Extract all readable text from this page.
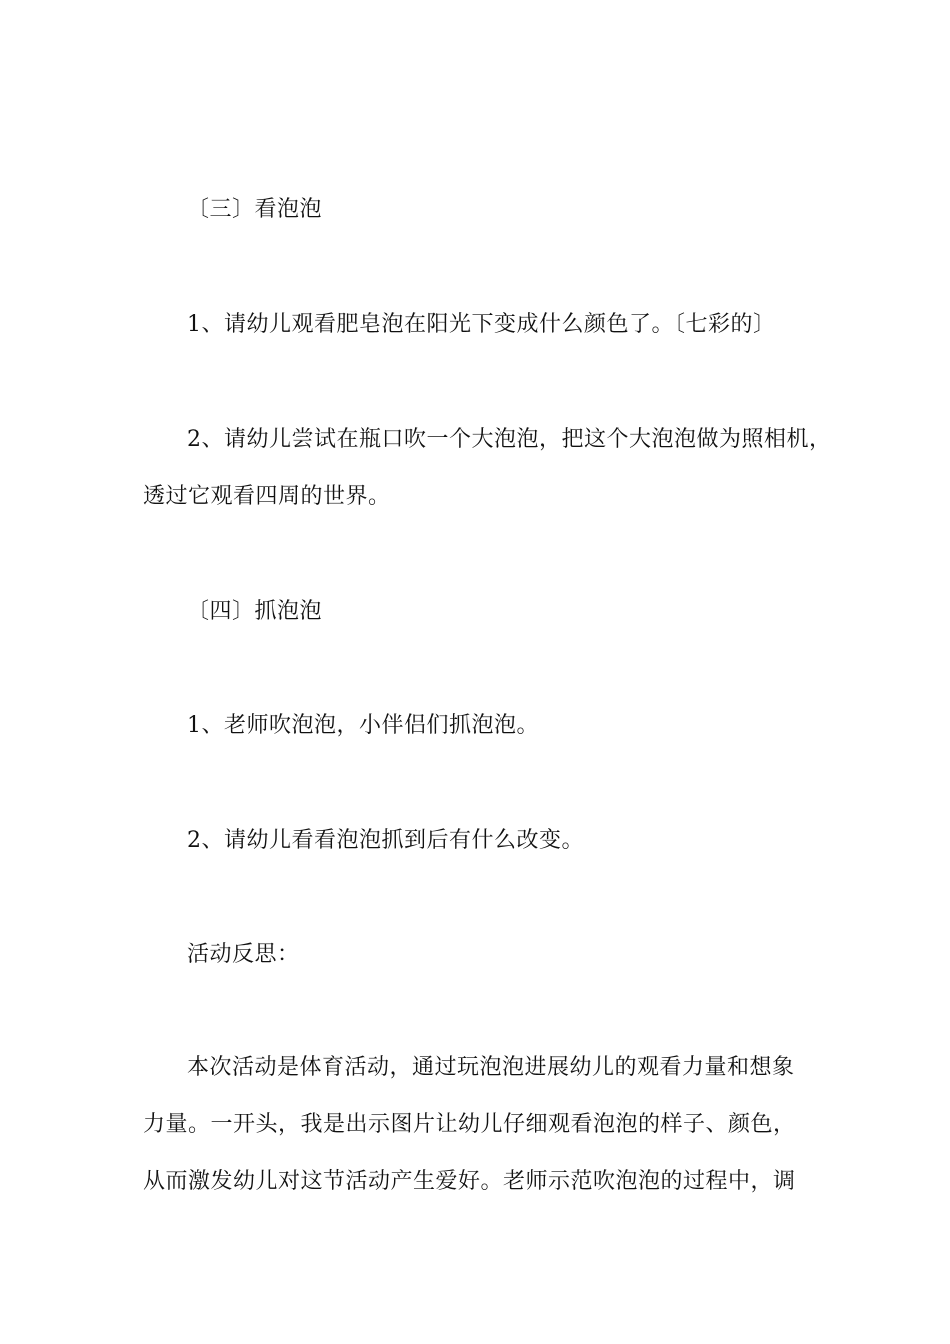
〔三〕看泡泡
1、请幼儿观看肥皂泡在阳光下变成什么颜色了。〔七彩的〕
2、请幼儿尝试在瓶口吹一个大泡泡，把这个大泡泡做为照相机，
透过它观看四周的世界。
〔四〕抓泡泡
1、老师吹泡泡，小伴侣们抓泡泡。
2、请幼儿看看泡泡抓到后有什么改变。
活动反思：
本次活动是体育活动，通过玩泡泡进展幼儿的观看力量和想象
力量。一开头，我是出示图片让幼儿仔细观看泡泡的样子、颜色，
从而激发幼儿对这节活动产生爱好。老师示范吹泡泡的过程中，调
